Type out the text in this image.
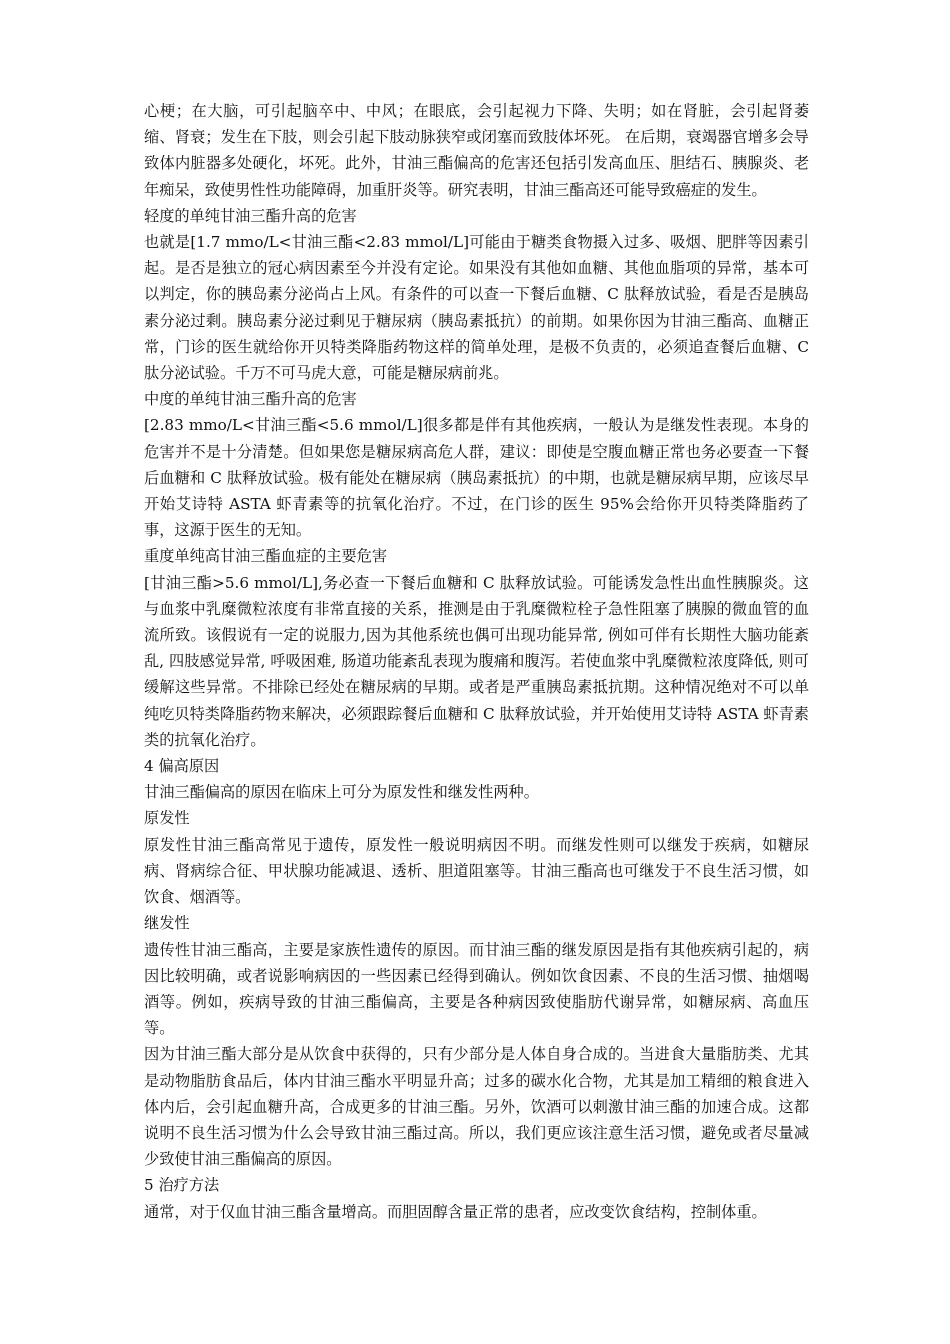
心梗；在大脑，可引起脑卒中、中风；在眼底，会引起视力下降、失明；如在肾脏，会引起肾萎缩、肾衰；发生在下肢，则会引起下肢动脉狭窄或闭塞而致肢体坏死。 在后期，衰竭器官增多会导致体内脏器多处硬化，坏死。此外，甘油三酯偏高的危害还包括引发高血压、胆结石、胰腺炎、老年痴呆，致使男性性功能障碍，加重肝炎等。研究表明，甘油三酯高还可能导致癌症的发生。

轻度的单纯甘油三酯升高的危害

也就是[1.7 mmo/L<甘油三酯<2.83 mmol/L]可能由于糖类食物摄入过多、吸烟、肥胖等因素引起。是否是独立的冠心病因素至今并没有定论。如果没有其他如血糖、其他血脂项的异常，基本可以判定，你的胰岛素分泌尚占上风。有条件的可以查一下餐后血糖、C 肽释放试验，看是否是胰岛素分泌过剩。胰岛素分泌过剩见于糖尿病（胰岛素抵抗）的前期。如果你因为甘油三酯高、血糖正常，门诊的医生就给你开贝特类降脂药物这样的简单处理，是极不负责的，必须追查餐后血糖、C 肽分泌试验。千万不可马虎大意，可能是糖尿病前兆。

中度的单纯甘油三酯升高的危害

[2.83 mmo/L<甘油三酯<5.6 mmol/L]很多都是伴有其他疾病，一般认为是继发性表现。本身的危害并不是十分清楚。但如果您是糖尿病高危人群，建议：即使是空腹血糖正常也务必要查一下餐后血糖和 C 肽释放试验。极有能处在糖尿病（胰岛素抵抗）的中期，也就是糖尿病早期，应该尽早开始艾诗特 ASTA 虾青素等的抗氧化治疗。不过，在门诊的医生 95%会给你开贝特类降脂药了事，这源于医生的无知。

重度单纯高甘油三酯血症的主要危害

[甘油三酯>5.6 mmol/L],务必查一下餐后血糖和 C 肽释放试验。可能诱发急性出血性胰腺炎。这与血浆中乳糜微粒浓度有非常直接的关系，推测是由于乳糜微粒栓子急性阻塞了胰腺的微血管的血流所致。该假说有一定的说服力,因为其他系统也偶可出现功能异常, 例如可伴有长期性大脑功能紊乱, 四肢感觉异常, 呼吸困难, 肠道功能紊乱表现为腹痛和腹泻。若使血浆中乳糜微粒浓度降低, 则可缓解这些异常。不排除已经处在糖尿病的早期。或者是严重胰岛素抵抗期。这种情况绝对不可以单纯吃贝特类降脂药物来解决，必须跟踪餐后血糖和 C 肽释放试验，并开始使用艾诗特 ASTA 虾青素类的抗氧化治疗。

4 偏高原因

甘油三酯偏高的原因在临床上可分为原发性和继发性两种。

原发性

原发性甘油三酯高常见于遗传，原发性一般说明病因不明。而继发性则可以继发于疾病，如糖尿病、肾病综合征、甲状腺功能减退、透析、胆道阻塞等。甘油三酯高也可继发于不良生活习惯，如饮食、烟酒等。

继发性

遗传性甘油三酯高，主要是家族性遗传的原因。而甘油三酯的继发原因是指有其他疾病引起的，病因比较明确，或者说影响病因的一些因素已经得到确认。例如饮食因素、不良的生活习惯、抽烟喝酒等。例如，疾病导致的甘油三酯偏高，主要是各种病因致使脂肪代谢异常，如糖尿病、高血压等。

因为甘油三酯大部分是从饮食中获得的，只有少部分是人体自身合成的。当进食大量脂肪类、尤其是动物脂肪食品后，体内甘油三酯水平明显升高；过多的碳水化合物，尤其是加工精细的粮食进入体内后，会引起血糖升高，合成更多的甘油三酯。另外，饮酒可以刺激甘油三酯的加速合成。这都说明不良生活习惯为什么会导致甘油三酯过高。所以，我们更应该注意生活习惯，避免或者尽量减少致使甘油三酯偏高的原因。

5 治疗方法

通常，对于仅血甘油三酯含量增高。而胆固醇含量正常的患者，应改变饮食结构，控制体重。
